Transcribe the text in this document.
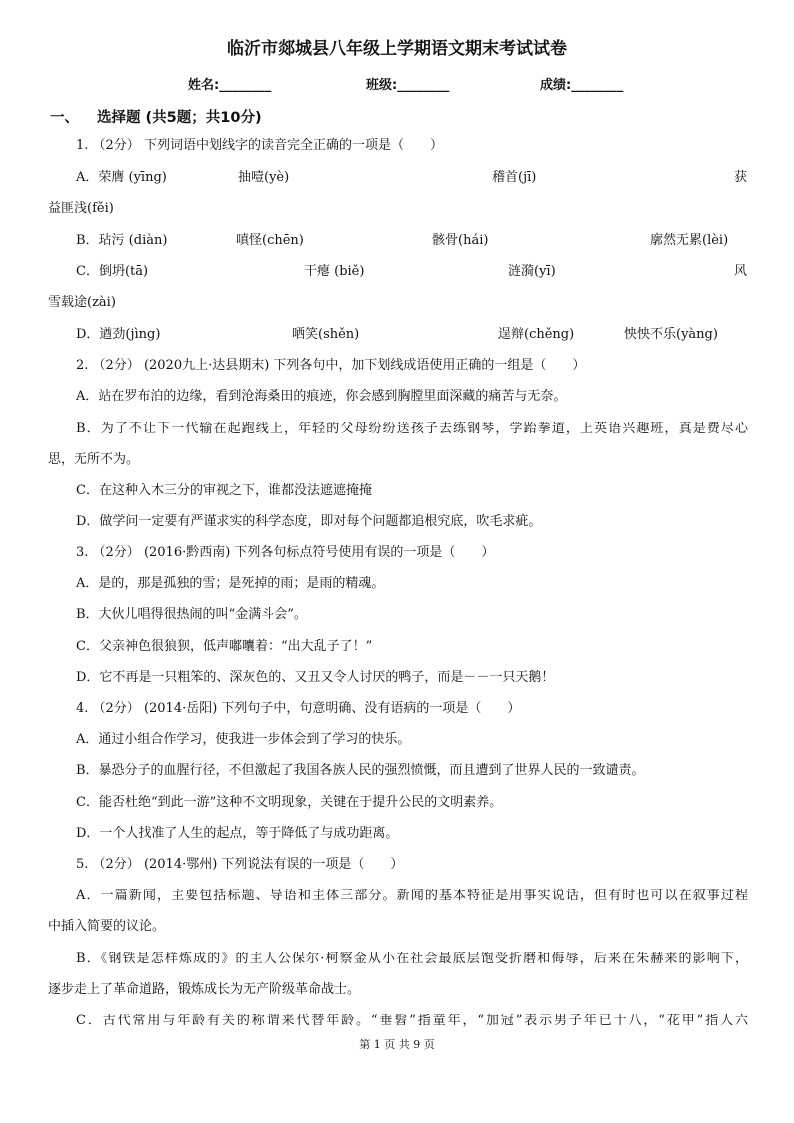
临沂市郯城县八年级上学期语文期末考试试卷
姓名:________	班级:________	成绩:________
一、 选择题 (共5题；共10分)
1. （2分） 下列词语中划线字的读音完全正确的一项是（　　）
A．荣膺 (yīng)	抽噎(yè)	稽首(jī)	获
益匪浅(fěi)
B．玷污 (diàn)	嗔怪(chēn)	骸骨(hái)	廓然无累(lèi)
C．倒坍(tā)	干瘪 (biě)	涟漪(yī)	风
雪载途(zài)
D．遒劲(jìng)	哂笑(shěn)	逞辩(chěng)	怏怏不乐(yàng)
2. （2分） (2020九上·达县期末) 下列各句中，加下划线成语使用正确的一组是（　　）
A．站在罗布泊的边缘，看到沧海桑田的痕迹，你会感到胸膛里面深藏的痛苦与无奈。
B．为了不让下一代输在起跑线上，年轻的父母纷纷送孩子去练钢琴，学跆拳道，上英语兴趣班，真是费尽心
思，无所不为。
C．在这种入木三分的审视之下，谁都没法遮遮掩掩
D．做学问一定要有严谨求实的科学态度，即对每个问题都追根究底，吹毛求疵。
3. （2分） (2016·黔西南) 下列各句标点符号使用有误的一项是（　　）
A．是的，那是孤独的雪；是死掉的雨；是雨的精魂。
B．大伙儿唱得很热闹的叫“金满斗会”。
C．父亲神色很狼狈，低声嘟囔着：“出大乱子了！”
D．它不再是一只粗笨的、深灰色的、又丑又令人讨厌的鸭子，而是－－一只天鹅！
4. （2分） (2014·岳阳) 下列句子中，句意明确、没有语病的一项是（　　）
A．通过小组合作学习，使我进一步体会到了学习的快乐。
B．暴恐分子的血腥行径，不但激起了我国各族人民的强烈愤慨，而且遭到了世界人民的一致谴责。
C．能否杜绝“到此一游”这种不文明现象，关键在于提升公民的文明素养。
D．一个人找准了人生的起点，等于降低了与成功距离。
5. （2分） (2014·鄂州) 下列说法有误的一项是（　　）
A．一篇新闻，主要包括标题、导语和主体三部分。新闻的基本特征是用事实说话，但有时也可以在叙事过程
中插入简要的议论。
B．《钢铁是怎样炼成的》的主人公保尔·柯察金从小在社会最底层饱受折磨和侮辱，后来在朱赫来的影响下，
逐步走上了革命道路，锻炼成长为无产阶级革命战士。
C．古代常用与年龄有关的称谓来代替年龄。“垂髫”指童年，“加冠”表示男子年已十八，“花甲”指人六
第 1 页 共 9 页
